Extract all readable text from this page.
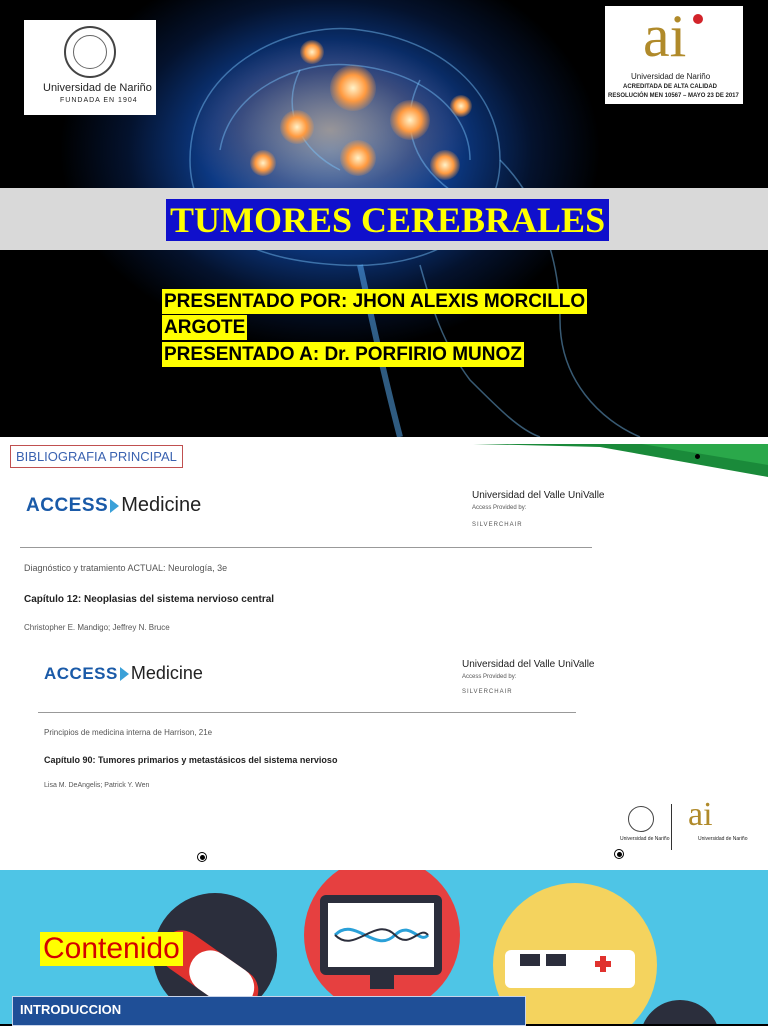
Universidad de Nariño
FUNDADA EN 1904
ai
Universidad de Nariño
ACREDITADA DE ALTA CALIDAD
RESOLUCIÓN MEN 10567 – MAYO 23 DE 2017
TUMORES CEREBRALES
PRESENTADO POR: JHON ALEXIS MORCILLO
ARGOTE
PRESENTADO A: Dr. PORFIRIO MUNOZ
BIBLIOGRAFIA PRINCIPAL
ACCESS Medicine	Universidad del Valle UniValle
Access Provided by:
SILVERCHAIR
Diagnóstico y tratamiento ACTUAL: Neurología, 3e
Capítulo 12: Neoplasias del sistema nervioso central
Christopher E. Mandigo; Jeffrey N. Bruce
ACCESS Medicine	Universidad del Valle UniValle
Access Provided by:
SILVERCHAIR
Principios de medicina interna de Harrison, 21e
Capítulo 90: Tumores primarios y metastásicos del sistema nervioso
Lisa M. DeAngelis; Patrick Y. Wen
Universidad de Nariño
ai
Universidad de Nariño
Contenido
INTRODUCCION
